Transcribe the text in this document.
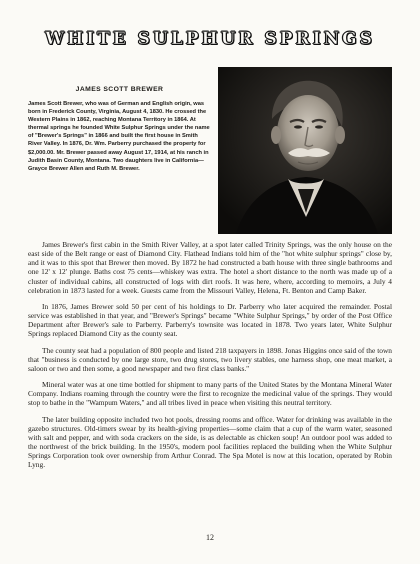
WHITE SULPHUR SPRINGS

JAMES SCOTT BREWER

James Scott Brewer, who was of German and English origin, was born in Frederick County, Virginia, August 4, 1830. He crossed the Western Plains in 1862, reaching Montana Territory in 1864. At thermal springs he founded White Sulphur Springs under the name of "Brewer's Springs" in 1866 and built the first house in Smith River Valley. In 1876, Dr. Wm. Parberry purchased the property for $2,000.00. Mr. Brewer passed away August 17, 1914, at his ranch in Judith Basin County, Montana. Two daughters live in California—Grayce Brewer Allen and Ruth M. Brewer.

James Brewer's first cabin in the Smith River Valley, at a spot later called Trinity Springs, was the only house on the east side of the Belt range or east of Diamond City. Flathead Indians told him of the "hot white sulphur springs" close by, and it was to this spot that Brewer then moved. By 1872 he had constructed a bath house with three single bathrooms and one 12' x 12' plunge. Baths cost 75 cents—whiskey was extra. The hotel a short distance to the north was made up of a cluster of individual cabins, all constructed of logs with dirt roofs. It was here, where, according to memoirs, a July 4 celebration in 1873 lasted for a week. Guests came from the Missouri Valley, Helena, Ft. Benton and Camp Baker.

In 1876, James Brewer sold 50 per cent of his holdings to Dr. Parberry who later acquired the remainder. Postal service was established in that year, and "Brewer's Springs" became "White Sulphur Springs," by order of the Post Office Department after Brewer's sale to Parberry. Parberry's townsite was located in 1878. Two years later, White Sulphur Springs replaced Diamond City as the county seat.

The county seat had a population of 800 people and listed 218 taxpayers in 1898. Jonas Higgins once said of the town that "business is conducted by one large store, two drug stores, two livery stables, one harness shop, one meat market, a saloon or two and then some, a good newspaper and two first class banks."

Mineral water was at one time bottled for shipment to many parts of the United States by the Montana Mineral Water Company. Indians roaming through the country were the first to recognize the medicinal value of the springs. They would stop to bathe in the "Wampum Waters," and all tribes lived in peace when visiting this neutral territory.

The later building opposite included two hot pools, dressing rooms and office. Water for drinking was available in the gazebo structures. Old-timers swear by its health-giving properties—some claim that a cup of the warm water, seasoned with salt and pepper, and with soda crackers on the side, is as delectable as chicken soup! An outdoor pool was added to the northwest of the brick building. In the 1950's, modern pool facilities replaced the building when the White Sulphur Springs Corporation took over ownership from Arthur Conrad. The Spa Motel is now at this location, operated by Robin Lyng.

12
